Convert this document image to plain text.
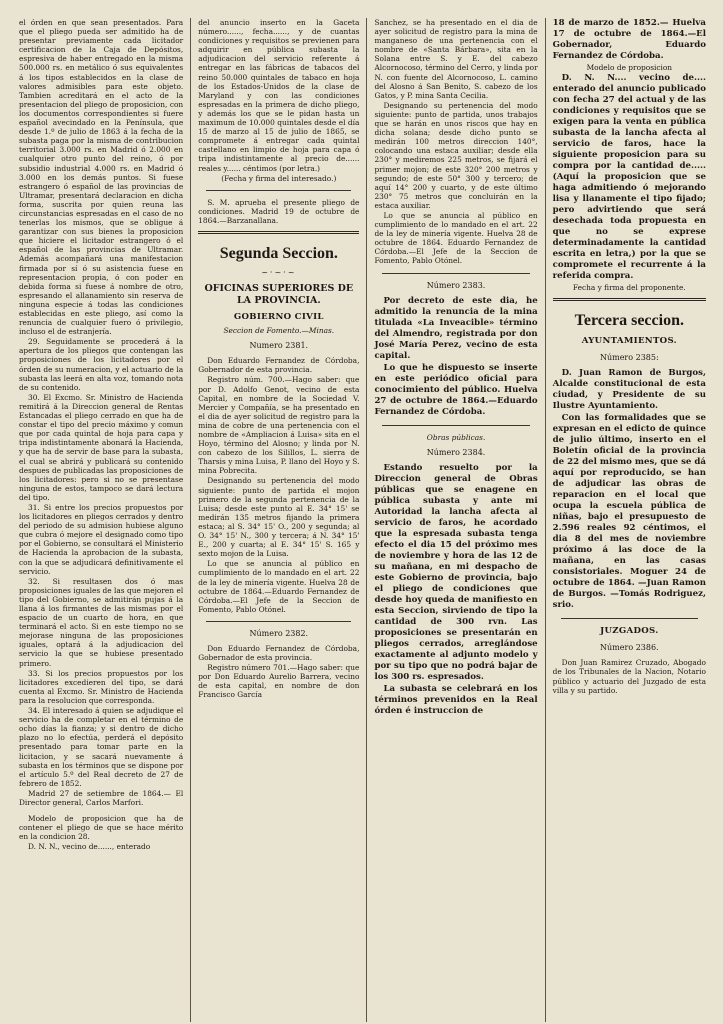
el órden en que sean presentados. Para que el pliego pueda ser admitido ha de presentar previamente cada licitador certificacion de la Caja de Depósitos, espresiva de haber entregado en la misma 500.000 rs. en metálico ó sus equivalentes á los tipos establecidos en la clase de valores admisibles para este objeto. Tambien acreditará en el acto de la presentacion del pliego de proposicion, con los documentos correspondientes si fuere español avecindado en la Península, que desde 1.º de julio de 1863 á la fecha de la subasta paga por la misma de contribucion territorial 3.000 rs. en Madrid ó 2.000 en cualquier otro punto del reino, ó por subsidio industrial 4.000 rs. en Madrid ó 3.000 en los demás puntos. Si fuese estrangero ó español de las provincias de Ultramar, presentará declaracion en dicha forma, suscrita por quien reuna las circunstancias espresadas en el caso de no tenerlas los mismos, que se obligue á garantizar con sus bienes la proposicion que hiciere el licitador estrangero ó el español de las provincias de Ultramar. Además acompañará una manifestacion firmada por sí ó su asistencia fuese en representacion propia, ó con poder en debida forma si fuese á nombre de otro, espresando el allanamiento sin reserva de ninguna especie á todas las condiciones establecidas en este pliego, así como la renuncia de cualquier fuero ó privilegio, incluso el de estranjería.

29. Seguidamente se procederá á la apertura de los pliegos que contengan las proposiciones de los licitadores por el órden de su numeracion, y el actuario de la subasta las leerá en alta voz, tomando nota de su contenido.

30. El Excmo. Sr. Ministro de Hacienda remitirá á la Direccion general de Rentas Estancadas el pliego cerrado en que ha de constar el tipo del precio máximo y comun que por cada quintal de hoja para capa y tripa indistintamente abonará la Hacienda, y que ha de servir de base para la subasta, el cual se abrirá y publicará su contenido despues de publicadas las proposiciones de los licitadores: pero si no se presentase ninguna de estos, tampoco se dará lectura del tipo.

31. Si entre los precios propuestos por los licitadores en pliegos cerrados y dentro del periodo de su admision hubiese alguno que cubra ó mejore el designado como tipo por el Gobierno, se consultará el Ministerio de Hacienda la aprobacion de la subasta, con la que se adjudicará definitivamente el servicio.

32. Si resultasen dos ó mas proposiciones iguales de las que mejoren el tipo del Gobierno, se admitirán pujas á la llana á los firmantes de las mismas por el espacio de un cuarto de hora, en que terminará el acto. Si en este tiempo no se mejorase ninguna de las proposiciones iguales, optará á la adjudicacion del servicio la que se hubiese presentado primero.

33. Si los precios propuestos por los licitadores excedieren del tipo, se dará cuenta al Excmo. Sr. Ministro de Hacienda para la resolucion que corresponda.

34. El interesado á quien se adjudique el servicio ha de completar en el término de ocho días la fianza; y si dentro de dicho plazo no lo efectúa, perderá el depósito presentado para tomar parte en la licitacion, y se sacará nuevamente á subasta en los términos que se dispone por el artículo 5.º del Real decreto de 27 de febrero de 1852.

Madrid 27 de setiembre de 1864.— El Director general, Carlos Marfori.

Modelo de proposicion que ha de contener el pliego de que se hace mérito en la condicion 28.

D. N. N., vecino de......, enterado

del anuncio inserto en la Gaceta número......, fecha......, y de cuantas condiciones y requisitos se previenen para adquirir en pública subasta la adjudicacion del servicio referente á entregar en las fábricas de tabacos del reino 50.000 quintales de tabaco en hoja de los Estados-Unidos de la clase de Maryland y con las condiciones espresadas en la primera de dicho pliego, y además los que se le pidan hasta un maximum de 10.000 quintales desde el día 15 de marzo al 15 de julio de 1865, se compromete á entregar cada quintal castellano en limpio de hoja para capa ó tripa indistintamente al precio de...... reales y...... céntimos (por letra.)

(Fecha y firma del interesado.)

S. M. aprueba el presente pliego de condiciones. Madrid 19 de octubre de 1864.—Barzanallana.

Segunda Seccion.
~·~·~
OFICINAS SUPERIORES DE LA PROVINCIA.
GOBIERNO CIVIL

Seccion de Fomento.—Minas.

Numero 2381.

Don Eduardo Fernandez de Córdoba, Gobernador de esta provincia.

Registro núm. 700.—Hago saber: que por D. Adolfo Genot, vecino de esta Capital, en nombre de la Sociedad V. Mercier y Compañía, se ha presentado en el dia de ayer solicitud de registro para la mina de cobre de una pertenencia con el nombre de «Ampliacion á Luisa» sita en el Hoyo, término del Alosno; y linda por N. con cabezo de los Silillos, L. sierra de Tharsis y mina Luisa, P. llano del Hoyo y S. mina Pobrecita.

Designando su pertenencia del modo siguiente: punto de partida el mojon primero de la segunda pertenencia de la Luisa; desde este punto al E. 34° 15' se medirán 135 metros fijando la primera estaca; al S. 34° 15' O., 200 y segunda; al O. 34° 15' N., 300 y tercera; á N. 34° 15' E., 200 y cuarta; al E. 34° 15' S. 165 y sexto mojon de la Luisa.

Lo que se anuncia al público en cumplimiento de lo mandado en el art. 22 de la ley de minería vigente. Huelva 28 de octubre de 1864.—Eduardo Fernandez de Córdoba.—El Jefe de la Seccion de Fomento, Pablo Otónel.

Número 2382.

Don Eduardo Fernandez de Córdoba, Gobernador de esta provincia.

Registro número 701.—Hago saber: que por Don Eduardo Aurelio Barrera, vecino de esta capital, en nombre de don Francisco García

Sanchez, se ha presentado en el dia de ayer solicitud de registro para la mina de manganeso de una pertenencia con el nombre de «Santa Bárbara», sita en la Solana entre S. y E. del cabezo Alcornocoso, término del Cerro, y linda por N. con fuente del Alcornocoso, L. camino del Alosno á San Benito, S. cabezo de los Gatos, y P. mina Santa Cecilia.

Designando su pertenencia del modo siguiente: punto de partida, unos trabajos que se harán en unos riscos que hay en dicha solana; desde dicho punto se medirán 100 metros direccion 140°, colocando una estaca auxiliar; desde ella 230° y mediremos 225 metros, se fijará el primer mojon; de este 320° 200 metros y segundo; de este 50° 300 y tercero; de aquí 14° 200 y cuarto, y de este último 230° 75 metros que concluirán en la estaca auxiliar.

Lo que se anuncia al público en cumplimiento de lo mandado en el art. 22 de la ley de minería vigente. Huelva 28 de octubre de 1864. Eduardo Fernandez de Córdoba.—El Jefe de la Seccion de Fomento, Pablo Otónel.

Número 2383.

Por decreto de este dia, he admitido la renuncia de la mina titulada «La Inveacible» término del Almendro, registrada por don José María Perez, vecino de esta capital.

Lo que he dispuesto se inserte en este periódico oficial para conocimiento del público. Huelva 27 de octubre de 1864.—Eduardo Fernandez de Córdoba.

Obras públicas.

Número 2384.

Estando resuelto por la Direccion general de Obras públicas que se enagene en pública subasta y ante mi Autoridad la lancha afecta al servicio de faros, he acordado que la espresada subasta tenga efecto el dia 15 del próximo mes de noviembre y hora de las 12 de su mañana, en mi despacho de este Gobierno de provincia, bajo el pliego de condiciones que desde hoy queda de manifiesto en esta Seccion, sirviendo de tipo la cantidad de 300 rvn. Las proposiciones se presentarán en pliegos cerrados, arreglándose exactamente al adjunto modelo y por su tipo que no podrá bajar de los 300 rs. espresados.

La subasta se celebrará en los términos prevenidos en la Real órden é instruccion de

18 de marzo de 1852.— Huelva 17 de octubre de 1864.—El Gobernador, Eduardo Fernandez de Córdoba.

Modelo de proposicion

D. N. N.... vecino de.... enterado del anuncio publicado con fecha 27 del actual y de las condiciones y requisitos que se exigen para la venta en pública subasta de la lancha afecta al servicio de faros, hace la siguiente proposicion para su compra por la cantidad de.....(Aquí la proposicion que se haga admitiendo ó mejorando lisa y llanamente el tipo fijado; pero advirtiendo que será desechada toda propuesta en que no se exprese determinadamente la cantidad escrita en letra,) por la que se compromete el recurrente á la referida compra.

Fecha y firma del proponente.

Tercera seccion.
AYUNTAMIENTOS.
Número 2385:

D. Juan Ramon de Burgos, Alcalde constitucional de esta ciudad, y Presidente de su Ilustre Ayuntamiento.

Con las formalidades que se expresan en el edicto de quince de julio último, inserto en el Boletín oficial de la provincia de 22 del mismo mes, que se dá aquí por reproducido, se han de adjudicar las obras de reparacion en el local que ocupa la escuela pública de niñas, bajo el presupuesto de 2.596 reales 92 céntimos, el dia 8 del mes de noviembre próximo á las doce de la mañana, en las casas consistoriales. Moguer 24 de octubre de 1864. —Juan Ramon de Burgos. —Tomás Rodriguez, srio.

JUZGADOS.
Número 2386.

Don Juan Ramirez Cruzado, Abogado de los Tribunales de la Nacion, Notario público y actuario del Juzgado de esta villa y su partido.
